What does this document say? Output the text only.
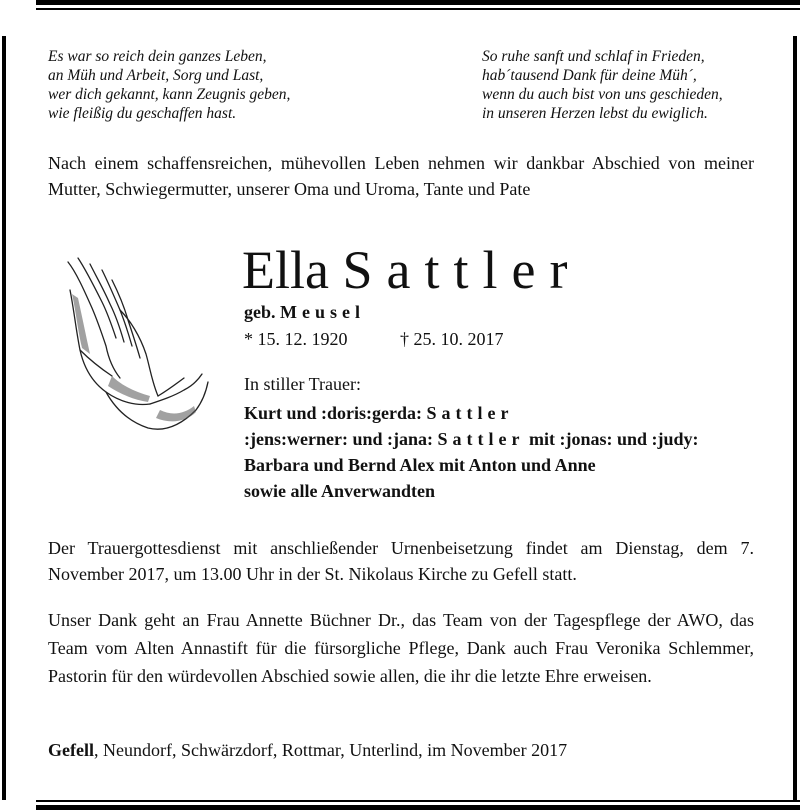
Es war so reich dein ganzes Leben,
an Müh und Arbeit, Sorg und Last,
wer dich gekannt, kann Zeugnis geben,
wie fleißig du geschaffen hast.
So ruhe sanft und schlaf in Frieden,
hab´tausend Dank für deine Müh´,
wenn du auch bist von uns geschieden,
in unseren Herzen lebst du ewiglich.
Nach einem schaffensreichen, mühevollen Leben nehmen wir dankbar Abschied von meiner Mutter, Schwiegermutter, unserer Oma und Uroma, Tante und Pate
Ella Sattler
geb. Meusel
* 15. 12. 1920	† 25. 10. 2017
In stiller Trauer:
Kurt und :doris:gerda: Sattler
:jens:werner: und :jana: Sattler mit :jonas: und :judy:
Barbara und Bernd Alex mit Anton und Anne
sowie alle Anverwandten
Der Trauergottesdienst mit anschließender Urnenbeisetzung findet am Dienstag, dem 7. November 2017, um 13.00 Uhr in der St. Nikolaus Kirche zu Gefell statt.
Unser Dank geht an Frau Annette Büchner Dr., das Team von der Tagespflege der AWO, das Team vom Alten Annastift für die fürsorgliche Pflege, Dank auch Frau Veronika Schlemmer, Pastorin für den würdevollen Abschied sowie allen, die ihr die letzte Ehre erweisen.
Gefell, Neundorf, Schwärzdorf, Rottmar, Unterlind, im November 2017
